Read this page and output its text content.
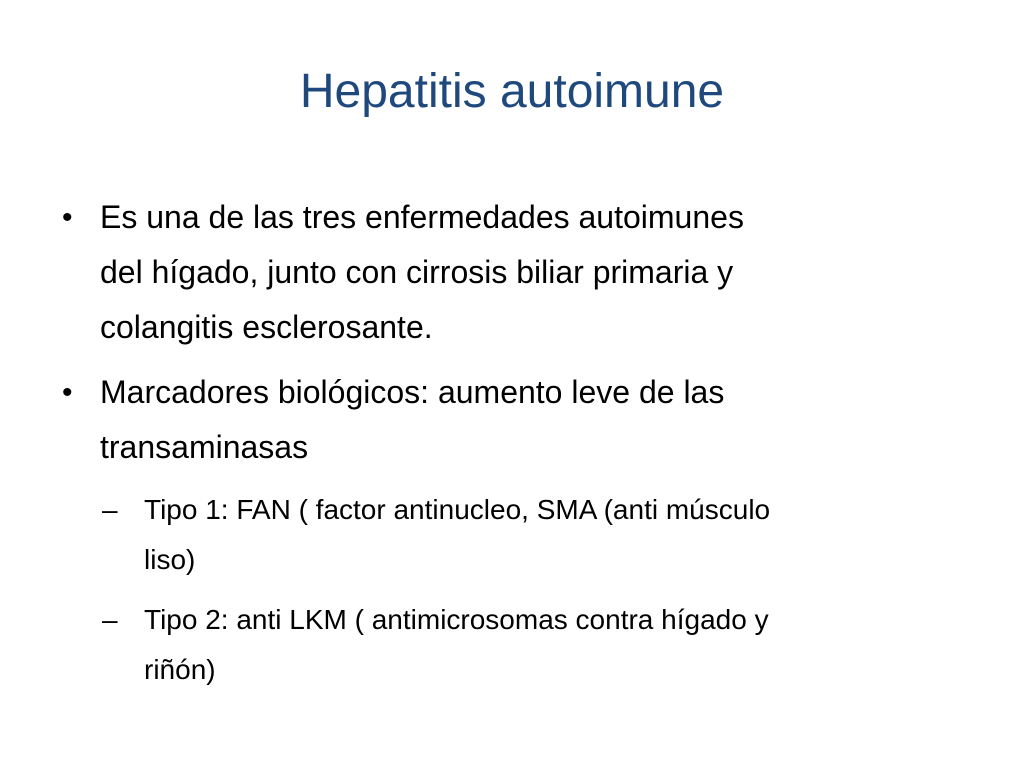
Hepatitis autoimune
• Es una de las tres enfermedades autoimunes
del hígado, junto con cirrosis biliar primaria y
colangitis esclerosante.
• Marcadores biológicos: aumento leve de las
transaminasas
– Tipo 1: FAN ( factor antinucleo, SMA (anti músculo
liso)
– Tipo 2: anti LKM ( antimicrosomas contra hígado y
riñón)
